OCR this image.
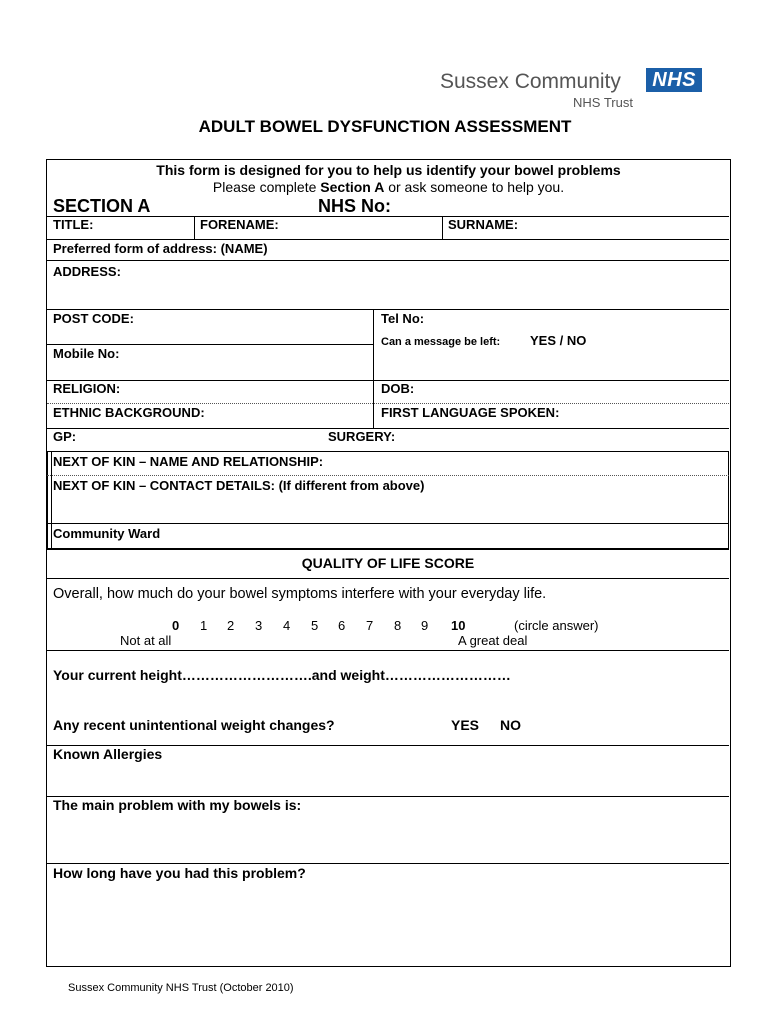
Sussex Community	NHS
NHS Trust
ADULT BOWEL DYSFUNCTION ASSESSMENT
This form is designed for you to help us identify your bowel problems
Please complete Section A or ask someone to help you.
SECTION A	NHS No:
TITLE:	FORENAME:	SURNAME:
Preferred form of address: (NAME)
ADDRESS:
POST CODE:	Tel No:
Can a message be left: YES / NO
Mobile No:
RELIGION:	DOB:
ETHNIC BACKGROUND:	FIRST LANGUAGE SPOKEN:
GP:	SURGERY:
NEXT OF KIN – NAME AND RELATIONSHIP:
NEXT OF KIN – CONTACT DETAILS: (If different from above)
Community Ward
QUALITY OF LIFE SCORE
Overall, how much do your bowel symptoms interfere with your everyday life.
0 1 2 3 4 5 6 7 8 9 10	(circle answer)
Not at all	A great deal
Your current height……………………….and weight………………………
Any recent unintentional weight changes?	YES NO
Known Allergies
The main problem with my bowels is:
How long have you had this problem?
Sussex Community NHS Trust (October 2010)
